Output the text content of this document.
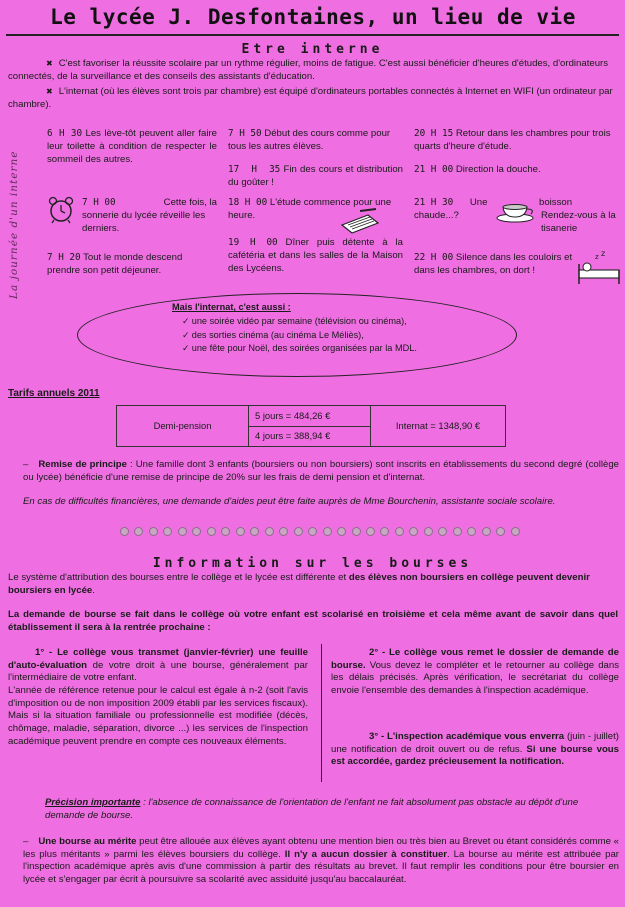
Le lycée J. Desfontaines, un lieu de vie
Etre interne

✖ C'est favoriser la réussite scolaire par un rythme régulier, moins de fatigue. C'est aussi bénéficier d'heures d'études, d'ordinateurs connectés, de la surveillance et des conseils des assistants d'éducation.

✖ L'internat (où les élèves sont trois par chambre) est équipé d'ordinateurs portables connectés à Internet en WIFI (un ordinateur par chambre).

La journée d'un interne
6 H 30 Les lève-tôt peuvent aller faire leur toilette à condition de respecter le sommeil des autres.
7 H 00	Cette fois, la
sonnerie du lycée réveille les derniers.
7 H 20 Tout le monde descend prendre son petit déjeuner.
7 H 50 Début des cours comme pour tous les autres élèves.
17 H 35 Fin des cours et distribution du goûter !
18 H 00 L'étude commence pour une heure.
19 H 00 Dîner puis détente à la cafétéria et dans les salles de la Maison des Lycéens.
20 H 15 Retour dans les chambres pour trois quarts d'heure d'étude.
21 H 00 Direction la douche.
21 H 30 Une	boisson
chaude...?	Rendez-vous à la tisanerie
22 H 00 Silence dans les couloirs et dans les chambres, on dort !
z z
Mais l'internat, c'est aussi :
✓ une soirée vidéo par semaine (télévision ou cinéma),
✓ des sorties cinéma (au cinéma Le Méliès),
✓ une fête pour Noël, des soirées organisées par la MDL.
Tarifs annuels 2011
Demi-pension	5 jours = 484,26 €	Internat = 1348,90 €
4 jours = 388,94 €

– Remise de principe : Une famille dont 3 enfants (boursiers ou non boursiers) sont inscrits en établissements du second degré (collège ou lycée) bénéficie d'une remise de principe de 20% sur les frais de demi pension et d'internat.

En cas de difficultés financières, une demande d'aides peut être faite auprès de Mme Bourchenin, assistante sociale scolaire.

Information sur les bourses

Le système d'attribution des bourses entre le collège et le lycée est différente et des élèves non boursiers en collège peuvent devenir boursiers en lycée.

La demande de bourse se fait dans le collège où votre enfant est scolarisé en troisième et cela même avant de savoir dans quel établissement il sera à la rentrée prochaine :

1° - Le collège vous transmet (janvier-février) une feuille d'auto-évaluation de votre droit à une bourse, généralement par l'intermédiaire de votre enfant.
L'année de référence retenue pour le calcul est égale à n-2 (soit l'avis d'imposition ou de non imposition 2009 établi par les services fiscaux). Mais si la situation familiale ou professionnelle est modifiée (décès, chômage, maladie, séparation, divorce ...) les services de l'inspection académique peuvent prendre en compte ces nouveaux éléments.

2° - Le collège vous remet le dossier de demande de bourse. Vous devez le compléter et le retourner au collège dans les délais précisés. Après vérification, le secrétariat du collège envoie l'ensemble des demandes à l'inspection académique.

3° - L'inspection académique vous enverra (juin - juillet) une notification de droit ouvert ou de refus. Si une bourse vous est accordée, gardez précieusement la notification.

Précision importante : l'absence de connaissance de l'orientation de l'enfant ne fait absolument pas obstacle au dépôt d'une demande de bourse.

– Une bourse au mérite peut être allouée aux élèves ayant obtenu une mention bien ou très bien au Brevet ou étant considérés comme « les plus méritants » parmi les élèves boursiers du collège. Il n'y a aucun dossier à constituer. La bourse au mérite est attribuée par l'inspection académique après avis d'une commission à partir des résultats au brevet. Il faut remplir les conditions pour être boursier en lycée et s'engager par écrit à poursuivre sa scolarité avec assiduité jusqu'au baccalauréat.
